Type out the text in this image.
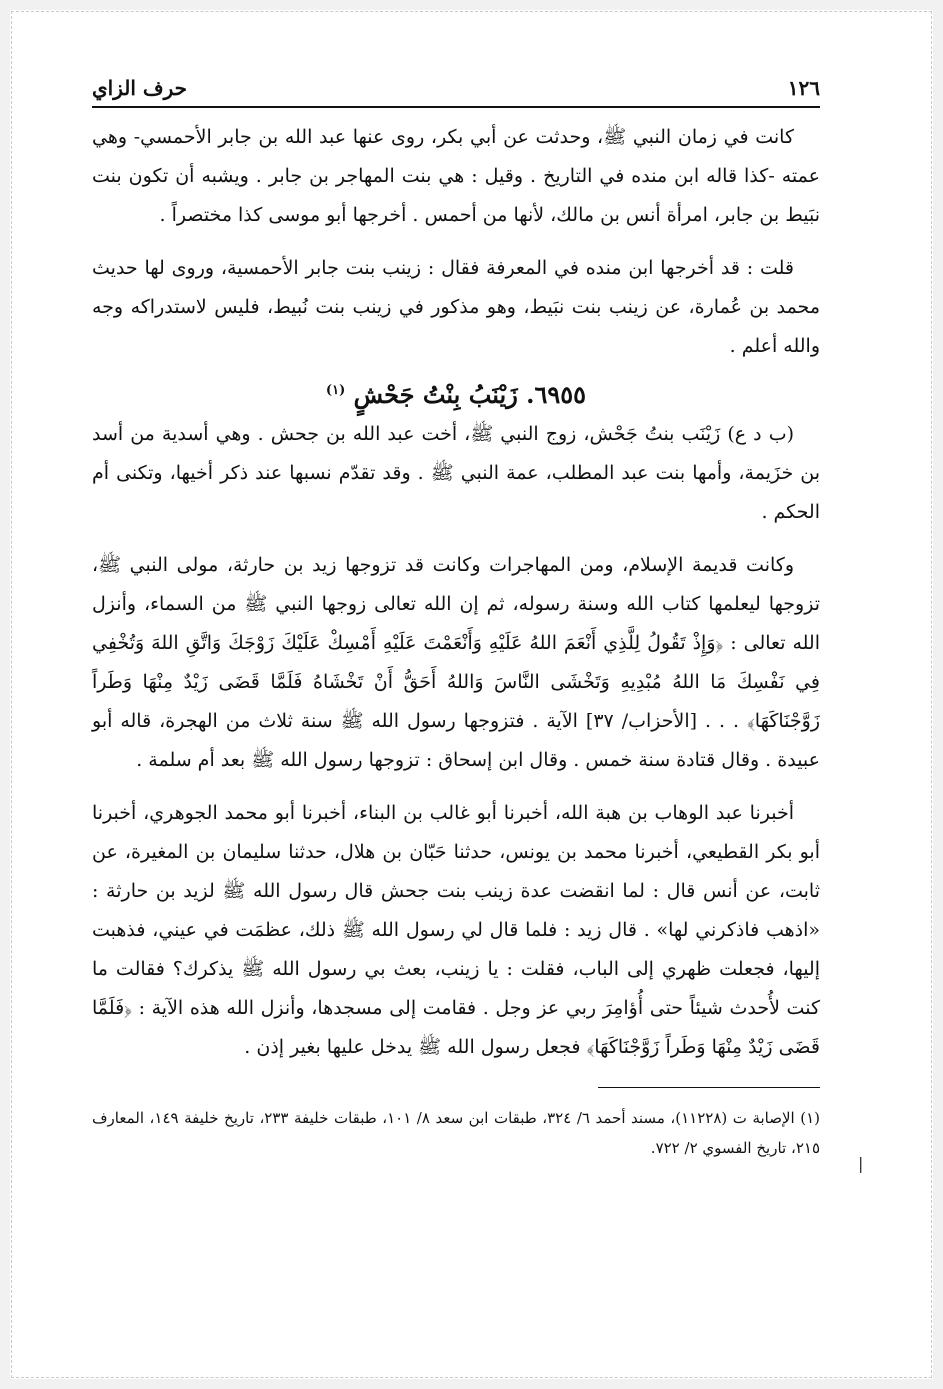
١٢٦
حرف الزاي

كانت في زمان النبي ﷺ، وحدثت عن أبي بكر، روى عنها عبد الله بن جابر الأحمسي- وهي عمته -كذا قاله ابن منده في التاريخ . وقيل : هي بنت المهاجر بن جابر . ويشبه أن تكون بنت نبَيط بن جابر، امرأة أنس بن مالك، لأنها من أحمس . أخرجها أبو موسى كذا مختصراً .

قلت : قد أخرجها ابن منده في المعرفة فقال : زينب بنت جابر الأحمسية، وروى لها حديث محمد بن عُمارة، عن زينب بنت نبَيط، وهو مذكور في زينب بنت نُبيط، فليس لاستدراكه وجه والله أعلم .

٦٩٥٥. زَيْنَبُ بِنْتُ جَحْشٍ $^{(١)}$

(ب د ع) زَيْنَب بنتُ جَحْش، زوج النبي ﷺ، أخت عبد الله بن جحش . وهي أسدية من أسد بن خزَيمة، وأمها بنت عبد المطلب، عمة النبي ﷺ . وقد تقدّم نسبها عند ذكر أخيها، وتكنى أم الحكم .

وكانت قديمة الإسلام، ومن المهاجرات وكانت قد تزوجها زيد بن حارثة، مولى النبي ﷺ، تزوجها ليعلمها كتاب الله وسنة رسوله، ثم إن الله تعالى زوجها النبي ﷺ من السماء، وأنزل الله تعالى : ﴿وَإِذْ تَقُولُ لِلَّذِي أَنْعَمَ اللهُ عَلَيْهِ وَأَنْعَمْتَ عَلَيْهِ أَمْسِكْ عَلَيْكَ زَوْجَكَ وَاتَّقِ اللهَ وَتُخْفِي فِي نَفْسِكَ مَا اللهُ مُبْدِيهِ وَتَخْشَى النَّاسَ وَاللهُ أَحَقُّ أَنْ تَخْشَاهُ فَلَمَّا قَضَى زَيْدٌ مِنْهَا وَطَراً زَوَّجْنَاكَهَا﴾ . . . [الأحزاب/ ٣٧] الآية . فتزوجها رسول الله ﷺ سنة ثلاث من الهجرة، قاله أبو عبيدة . وقال قتادة سنة خمس . وقال ابن إسحاق : تزوجها رسول الله ﷺ بعد أم سلمة .

أخبرنا عبد الوهاب بن هبة الله، أخبرنا أبو غالب بن البناء، أخبرنا أبو محمد الجوهري، أخبرنا أبو بكر القطيعي، أخبرنا محمد بن يونس، حدثنا حَبّان بن هلال، حدثنا سليمان بن المغيرة، عن ثابت، عن أنس قال : لما انقضت عدة زينب بنت جحش قال رسول الله ﷺ لزيد بن حارثة : «اذهب فاذكرني لها» . قال زيد : فلما قال لي رسول الله ﷺ ذلك، عظمَت في عيني، فذهبت إليها، فجعلت ظهري إلى الباب، فقلت : يا زينب، بعث بي رسول الله ﷺ يذكرك؟ فقالت ما كنت لأُحدث شيئاً حتى أُؤامِرَ ربي عز وجل . فقامت إلى مسجدها، وأنزل الله هذه الآية : ﴿فَلَمَّا قَضَى زَيْدٌ مِنْهَا وَطَراً زَوَّجْنَاكَهَا﴾ فجعل رسول الله ﷺ يدخل عليها بغير إذن .

(١) الإصابة ت (١١٢٢٨)، مسند أحمد ٦/ ٣٢٤، طبقات ابن سعد ٨/ ١٠١، طبقات خليفة ٢٣٣، تاريخ خليفة ١٤٩، المعارف ٢١٥، تاريخ الفسوي ٢/ ٧٢٢.

|
